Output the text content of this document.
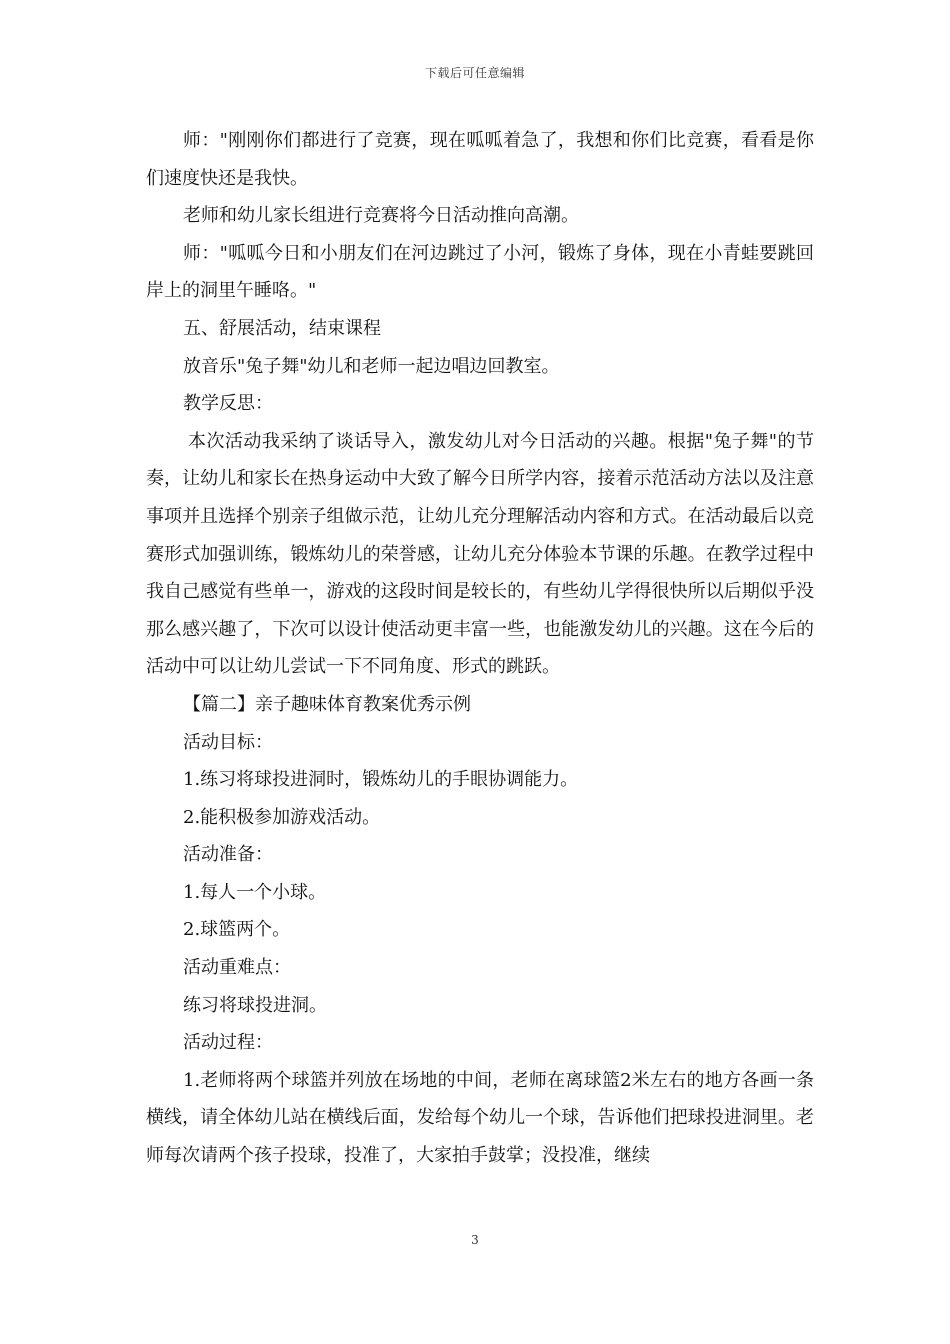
下载后可任意编辑

师："刚刚你们都进行了竞赛，现在呱呱着急了，我想和你们比竞赛，看看是你们速度快还是我快。

老师和幼儿家长组进行竞赛将今日活动推向高潮。

师："呱呱今日和小朋友们在河边跳过了小河，锻炼了身体，现在小青蛙要跳回岸上的洞里午睡咯。"

五、舒展活动，结束课程

放音乐"兔子舞"幼儿和老师一起边唱边回教室。

教学反思：

本次活动我采纳了谈话导入，激发幼儿对今日活动的兴趣。根据"兔子舞"的节奏，让幼儿和家长在热身运动中大致了解今日所学内容，接着示范活动方法以及注意事项并且选择个别亲子组做示范，让幼儿充分理解活动内容和方式。在活动最后以竞赛形式加强训练，锻炼幼儿的荣誉感，让幼儿充分体验本节课的乐趣。在教学过程中我自己感觉有些单一，游戏的这段时间是较长的，有些幼儿学得很快所以后期似乎没那么感兴趣了，下次可以设计使活动更丰富一些，也能激发幼儿的兴趣。这在今后的活动中可以让幼儿尝试一下不同角度、形式的跳跃。

【篇二】亲子趣味体育教案优秀示例

活动目标：

1.练习将球投进洞时，锻炼幼儿的手眼协调能力。

2.能积极参加游戏活动。

活动准备：

1.每人一个小球。

2.球篮两个。

活动重难点：

练习将球投进洞。

活动过程：

1.老师将两个球篮并列放在场地的中间，老师在离球篮2米左右的地方各画一条横线，请全体幼儿站在横线后面，发给每个幼儿一个球，告诉他们把球投进洞里。老师每次请两个孩子投球，投准了，大家拍手鼓掌；没投准，继续

3
